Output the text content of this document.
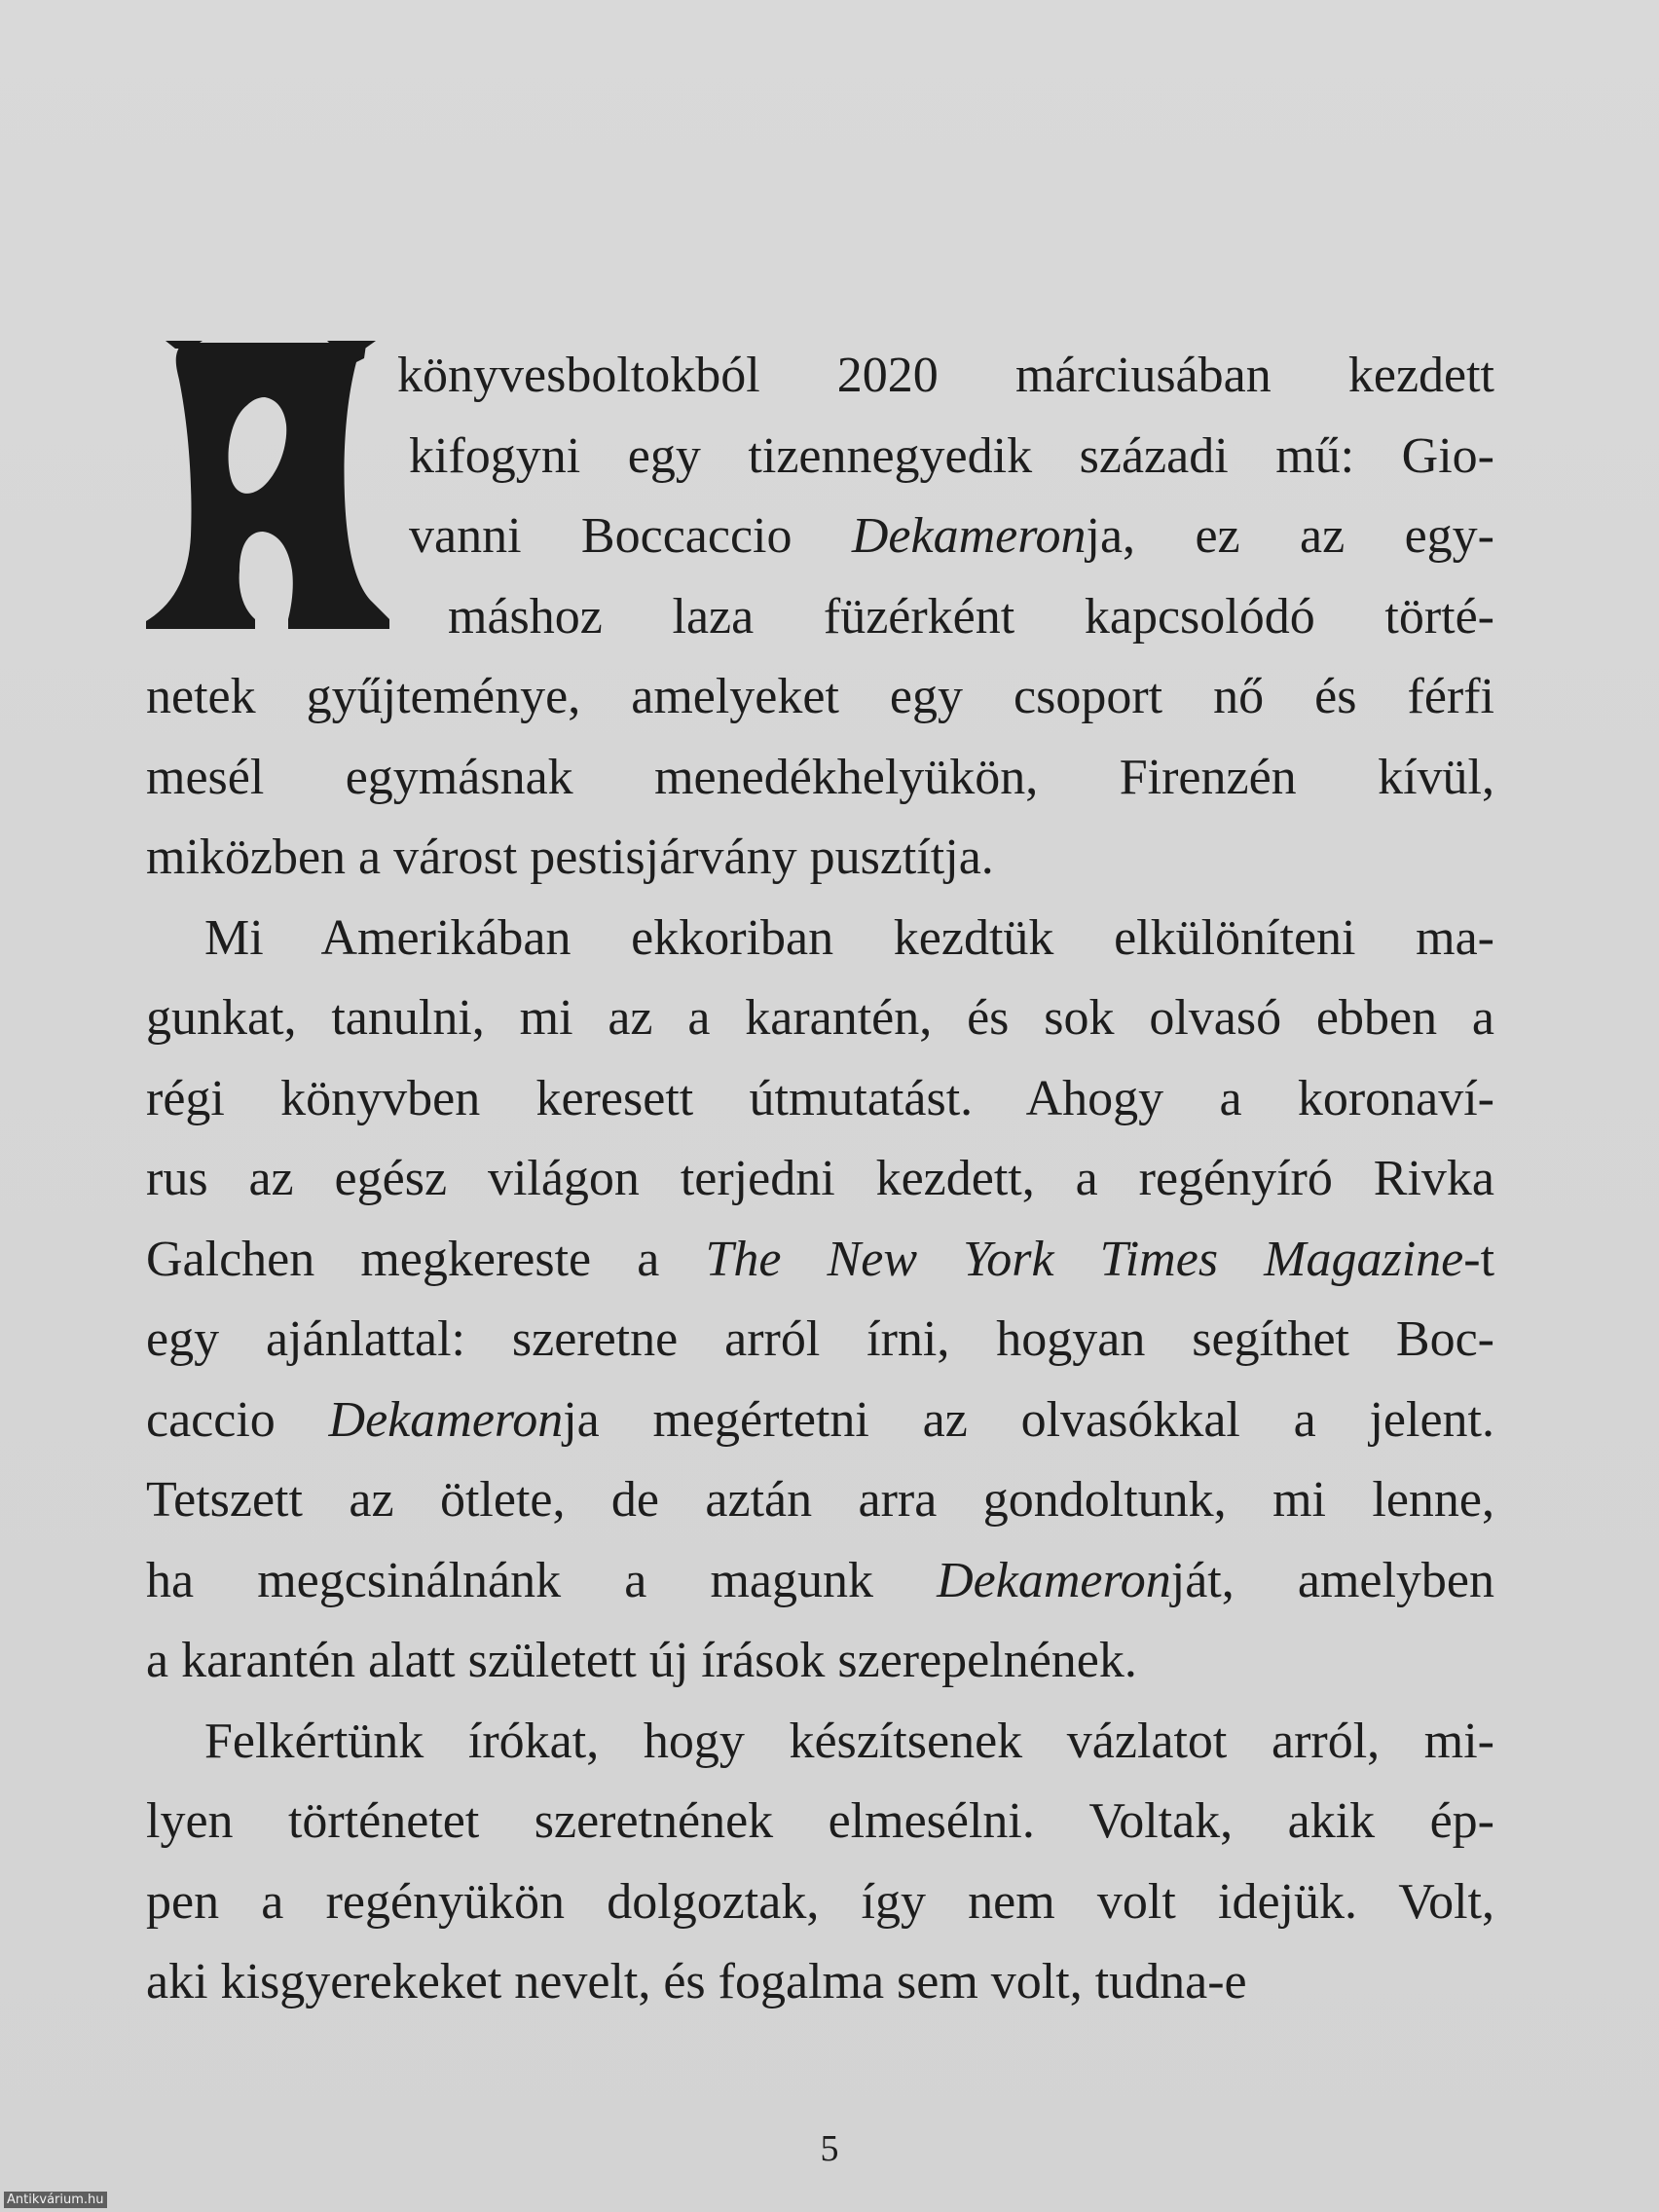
könyvesboltokból 2020 márciusában kezdett
kifogyni egy tizennegyedik századi mű: Gio-
vanni Boccaccio Dekameronja, ez az egy-
máshoz laza füzérként kapcsolódó törté-
netek gyűjteménye, amelyeket egy csoport nő és férfi
mesél egymásnak menedékhelyükön, Firenzén kívül,
miközben a várost pestisjárvány pusztítja.
Mi Amerikában ekkoriban kezdtük elkülöníteni ma-
gunkat, tanulni, mi az a karantén, és sok olvasó ebben a
régi könyvben keresett útmutatást. Ahogy a koronaví-
rus az egész világon terjedni kezdett, a regényíró Rivka
Galchen megkereste a The New York Times Magazine-t
egy ajánlattal: szeretne arról írni, hogyan segíthet Boc-
caccio Dekameronja megértetni az olvasókkal a jelent.
Tetszett az ötlete, de aztán arra gondoltunk, mi lenne,
ha megcsinálnánk a magunk Dekameronját, amelyben
a karantén alatt született új írások szerepelnének.
Felkértünk írókat, hogy készítsenek vázlatot arról, mi-
lyen történetet szeretnének elmesélni. Voltak, akik ép-
pen a regényükön dolgoztak, így nem volt idejük. Volt,
aki kisgyerekeket nevelt, és fogalma sem volt, tudna-e
5
Antikvárium.hu
